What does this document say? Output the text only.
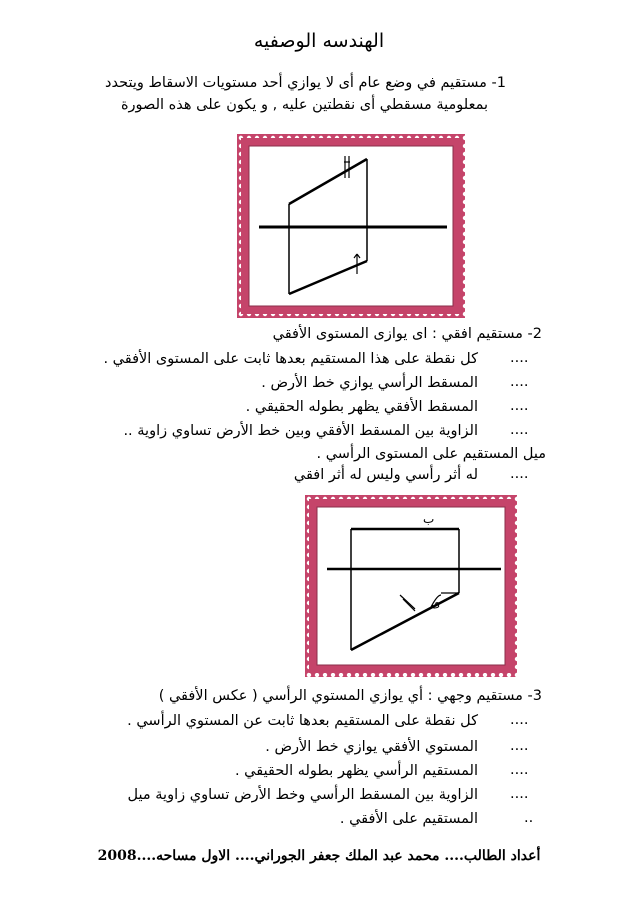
الهندسه الوصفيه
1- مستقيم في وضع عام أى لا يوازي أحد مستويات الاسقاط ويتحدد
بمعلومية مسقطي أى نقطتين عليه , و يكون على هذه الصورة
2- مستقيم افقي : اى يوازى المستوى الأفقي
....
كل نقطة على هذا المستقيم بعدها ثابت على المستوى الأفقي .
....
المسقط الرأسي يوازي خط الأرض .
....
المسقط الأفقي يظهر بطوله الحقيقي .
....
الزاوية بين المسقط الأفقي وبين خط الأرض تساوي زاوية ..
ميل المستقيم على المستوى الرأسي .
....
له أثر رأسي وليس له أثر افقي
ب
ى
3- مستقيم وجهي : أي يوازي المستوي الرأسي ( عكس الأفقي )
....
كل نقطة على المستقيم بعدها ثابت عن المستوي الرأسي .
....
المستوي الأفقي يوازي خط الأرض .
....
المستقيم الرأسي يظهر بطوله الحقيقي .
....
الزاوية بين المسقط الرأسي وخط الأرض تساوي زاوية ميل
..
المستقيم على الأفقي .
أعداد الطالب.... محمد عبد الملك جعفر الجوراني.... الاول مساحه....2008
